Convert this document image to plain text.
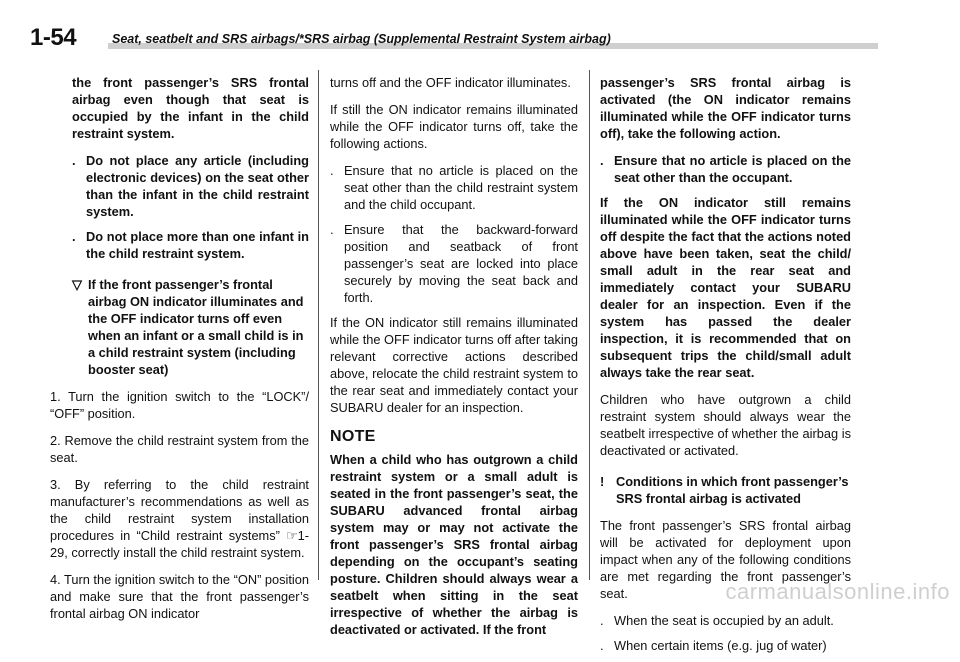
1-54	Seat, seatbelt and SRS airbags/*SRS airbag (Supplemental Restraint System airbag)

the front passenger’s SRS frontal airbag even though that seat is occupied by the infant in the child restraint system.

. Do not place any article (including electronic devices) on the seat other than the infant in the child restraint system.
. Do not place more than one infant in the child restraint system.
▽ If the front passenger’s frontal airbag ON indicator illuminates and the OFF indicator turns off even when an infant or a small child is in a child restraint system (including booster seat)

1. Turn the ignition switch to the “LOCK”/ “OFF” position.

2. Remove the child restraint system from the seat.

3. By referring to the child restraint manufacturer’s recommendations as well as the child restraint system installation procedures in “Child restraint systems” ☞1-29, correctly install the child restraint system.

4. Turn the ignition switch to the “ON” position and make sure that the front passenger’s frontal airbag ON indicator

turns off and the OFF indicator illuminates.

If still the ON indicator remains illuminated while the OFF indicator turns off, take the following actions.

. Ensure that no article is placed on the seat other than the child restraint system and the child occupant.
. Ensure that the backward-forward position and seatback of front passenger’s seat are locked into place securely by moving the seat back and forth.

If the ON indicator still remains illuminated while the OFF indicator turns off after taking relevant corrective actions described above, relocate the child restraint system to the rear seat and immediately contact your SUBARU dealer for an inspection.

NOTE

When a child who has outgrown a child restraint system or a small adult is seated in the front passenger’s seat, the SUBARU advanced frontal airbag system may or may not activate the front passenger’s SRS frontal airbag depending on the occupant’s seating posture. Children should always wear a seatbelt when sitting in the seat irrespective of whether the airbag is deactivated or activated. If the front

passenger’s SRS frontal airbag is activated (the ON indicator remains illuminated while the OFF indicator turns off), take the following action.

. Ensure that no article is placed on the seat other than the occupant.

If the ON indicator still remains illuminated while the OFF indicator turns off despite the fact that the actions noted above have been taken, seat the child/ small adult in the rear seat and immediately contact your SUBARU dealer for an inspection. Even if the system has passed the dealer inspection, it is recommended that on subsequent trips the child/small adult always take the rear seat.

Children who have outgrown a child restraint system should always wear the seatbelt irrespective of whether the airbag is deactivated or activated.

! Conditions in which front passenger’s SRS frontal airbag is activated

The front passenger’s SRS frontal airbag will be activated for deployment upon impact when any of the following conditions are met regarding the front passenger’s seat.

. When the seat is occupied by an adult.
. When certain items (e.g. jug of water)
carmanualsonline.info
